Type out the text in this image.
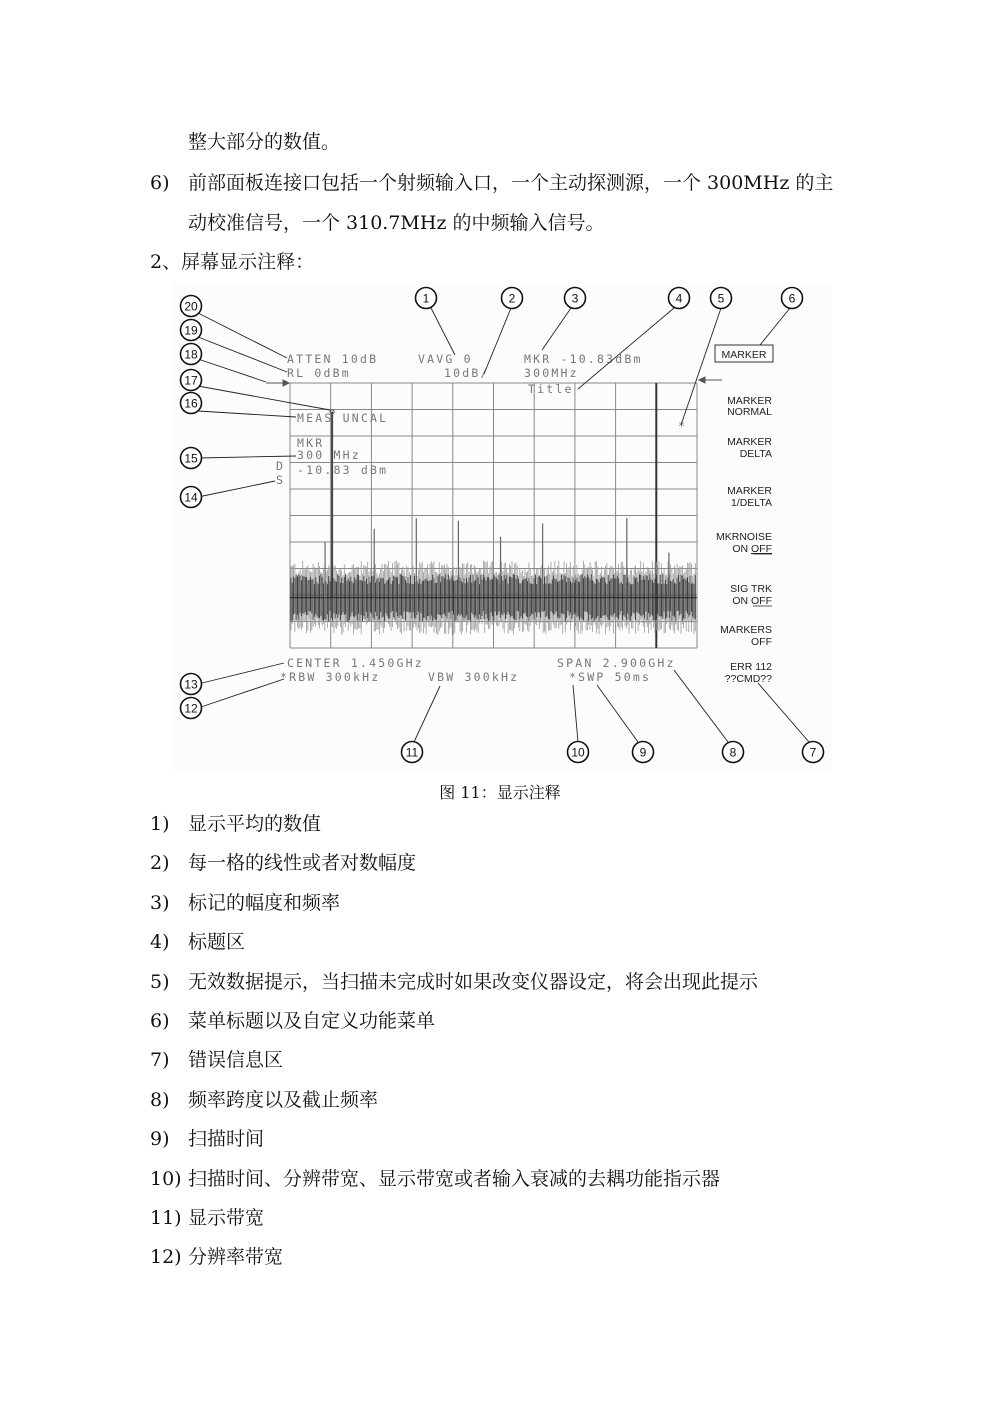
整大部分的数值。
6) 前部面板连接口包括一个射频输入口，一个主动探测源，一个 300MHz 的主
动校准信号，一个 310.7MHz 的中频输入信号。
2、屏幕显示注释：
ATTEN 10dB	VAVG 0	MKR -10.83dBm
RL 0dBm	10dB/	300MHz
Title
MEAS UNCAL
MKR
300 MHz
-10.83 dBm
D
S
*
CENTER 1.450GHz	SPAN 2.900GHz
*RBW 300kHz	VBW 300kHz	*SWP 50ms
MARKER
MARKER
NORMAL
MARKER
DELTA
MARKER
1/DELTA
MKRNOISE
ON OFF
SIG TRK
ON OFF
MARKERS
OFF
ERR 112
??CMD??
1	2	3	4	5	6
7
8
9
10
11
12
13
14
15
16
17
18
19
20
图 11：显示注释
1) 显示平均的数值
2) 每一格的线性或者对数幅度
3) 标记的幅度和频率
4) 标题区
5) 无效数据提示，当扫描未完成时如果改变仪器设定，将会出现此提示
6) 菜单标题以及自定义功能菜单
7) 错误信息区
8) 频率跨度以及截止频率
9) 扫描时间
10) 扫描时间、分辨带宽、显示带宽或者输入衰减的去耦功能指示器
11) 显示带宽
12) 分辨率带宽
